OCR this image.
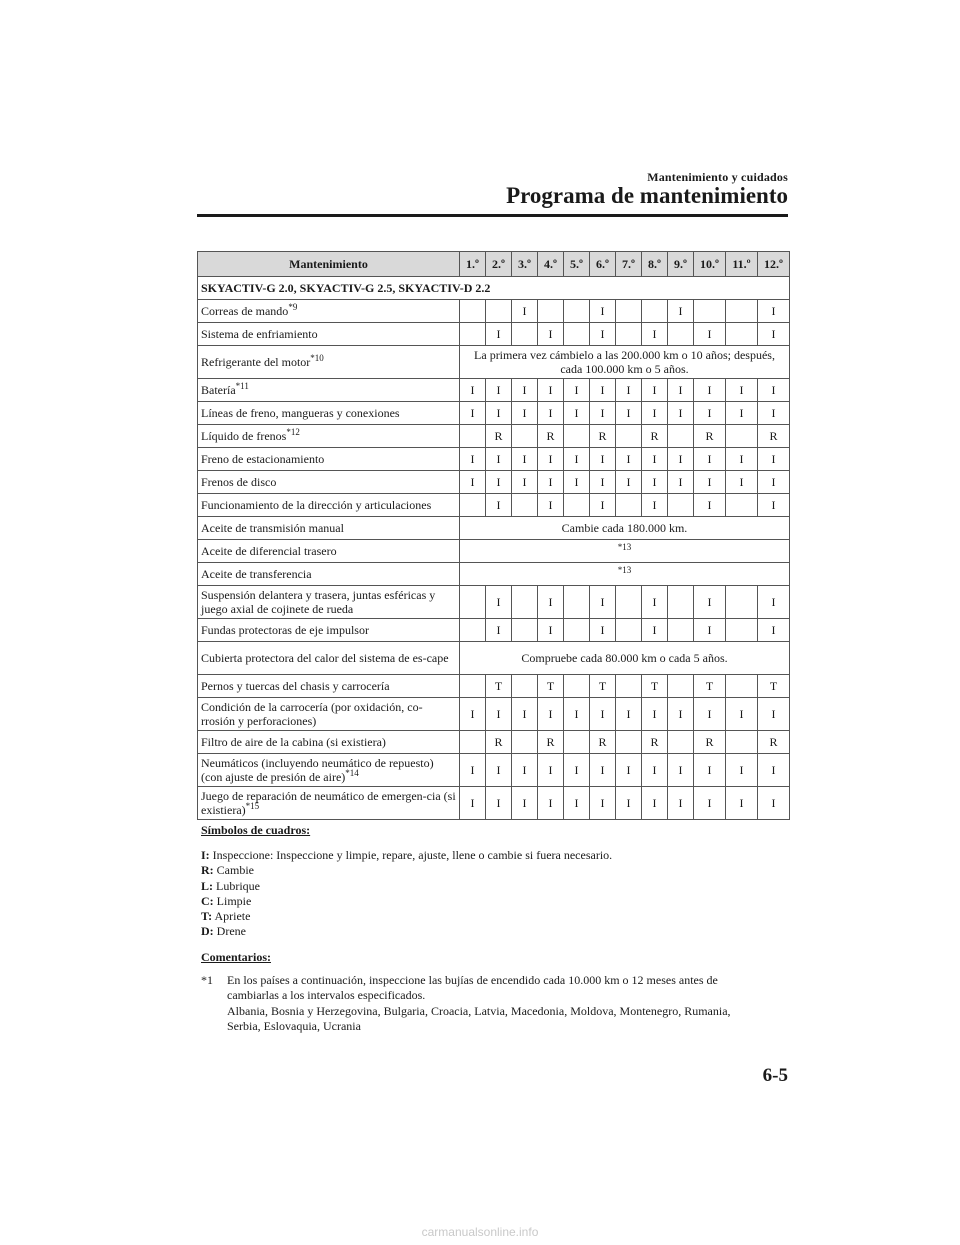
Mantenimiento y cuidados
Programa de mantenimiento
Mantenimiento	1.º	2.º	3.º	4.º	5.º	6.º	7.º	8.º	9.º	10.º	11.º	12.º
SKYACTIV-G 2.0, SKYACTIV-G 2.5, SKYACTIV-D 2.2												
Correas de mando$^{*9}$			I			I			I			I
Sistema de enfriamiento		I		I		I		I		I		I
Refrigerante del motor$^{*10}$	La primera vez cámbielo a las 200.000 km o 10 años; después, cada 100.000 km o 5 años.											
Batería$^{*11}$	I	I	I	I	I	I	I	I	I	I	I	I
Líneas de freno, mangueras y conexiones	I	I	I	I	I	I	I	I	I	I	I	I
Líquido de frenos$^{*12}$		R		R		R		R		R		R
Freno de estacionamiento	I	I	I	I	I	I	I	I	I	I	I	I
Frenos de disco	I	I	I	I	I	I	I	I	I	I	I	I
Funcionamiento de la dirección y articulaciones		I		I		I		I		I		I
Aceite de transmisión manual	Cambie cada 180.000 km.											
Aceite de diferencial trasero	$^{*13}$
Aceite de transferencia	$^{*13}$
Suspensión delantera y trasera, juntas esféricas y juego axial de cojinete de rueda		I		I		I		I		I		I
Fundas protectoras de eje impulsor		I		I		I		I		I		I
Cubierta protectora del calor del sistema de es-cape	Compruebe cada 80.000 km o cada 5 años.											
Pernos y tuercas del chasis y carrocería		T		T		T		T		T		T
Condición de la carrocería (por oxidación, co-rrosión y perforaciones)	I	I	I	I	I	I	I	I	I	I	I	I
Filtro de aire de la cabina (si existiera)		R		R		R		R		R		R
Neumáticos (incluyendo neumático de repuesto) (con ajuste de presión de aire)$^{*14}$	I	I	I	I	I	I	I	I	I	I	I	I
Juego de reparación de neumático de emergen-cia (si existiera)$^{*15}$	I	I	I	I	I	I	I	I	I	I	I	I
Símbolos de cuadros:
I: Inspeccione: Inspeccione y limpie, repare, ajuste, llene o cambie si fuera necesario.
R: Cambie
L: Lubrique
C: Limpie
T: Apriete
D: Drene
Comentarios:
*1 En los países a continuación, inspeccione las bujías de encendido cada 10.000 km o 12 meses antes de
cambiarlas a los intervalos especificados.
Albania, Bosnia y Herzegovina, Bulgaria, Croacia, Latvia, Macedonia, Moldova, Montenegro, Rumania,
Serbia, Eslovaquia, Ucrania
6-5
carmanualsonline.info
